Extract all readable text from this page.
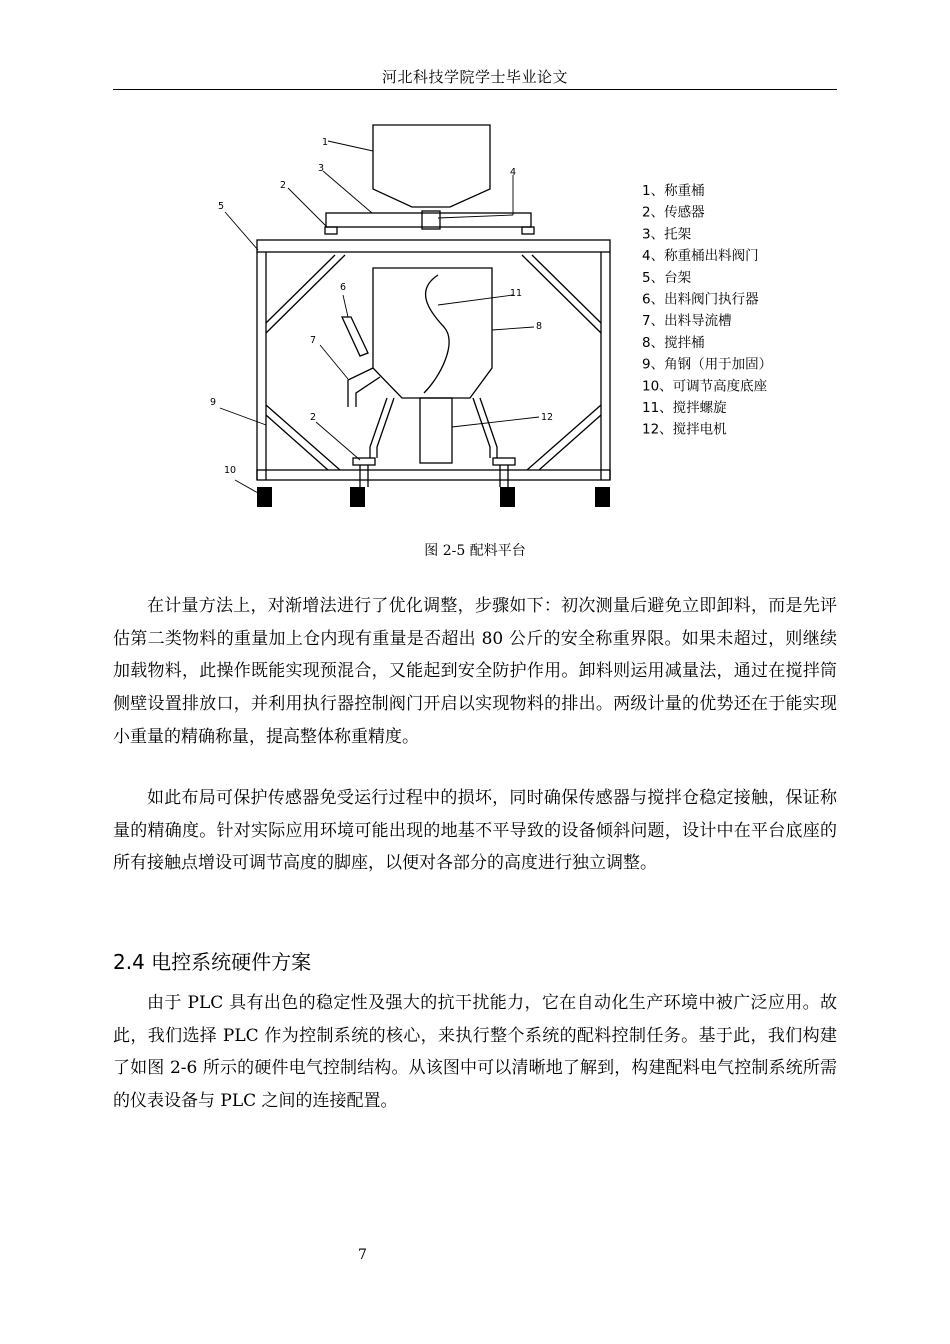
河北科技学院学士毕业论文
1
2
3	4
5
6
7
8
9
10
11
12
2
1、称重桶
2、传感器
3、托架
4、称重桶出料阀门
5、台架
6、出料阀门执行器
7、出料导流槽
8、搅拌桶
9、角钢（用于加固）
10、可调节高度底座
11、搅拌螺旋
12、搅拌电机
图 2-5 配料平台

在计量方法上，对渐增法进行了优化调整，步骤如下：初次测量后避免立即卸料，而是先评估第二类物料的重量加上仓内现有重量是否超出 80 公斤的安全称重界限。如果未超过，则继续加载物料，此操作既能实现预混合，又能起到安全防护作用。卸料则运用减量法，通过在搅拌筒侧壁设置排放口，并利用执行器控制阀门开启以实现物料的排出。两级计量的优势还在于能实现小重量的精确称量，提高整体称重精度。

如此布局可保护传感器免受运行过程中的损坏，同时确保传感器与搅拌仓稳定接触，保证称量的精确度。针对实际应用环境可能出现的地基不平导致的设备倾斜问题，设计中在平台底座的所有接触点增设可调节高度的脚座，以便对各部分的高度进行独立调整。

2.4 电控系统硬件方案

由于 PLC 具有出色的稳定性及强大的抗干扰能力，它在自动化生产环境中被广泛应用。故此，我们选择 PLC 作为控制系统的核心，来执行整个系统的配料控制任务。基于此，我们构建了如图 2-6 所示的硬件电气控制结构。从该图中可以清晰地了解到，构建配料电气控制系统所需的仪表设备与 PLC 之间的连接配置。

7
